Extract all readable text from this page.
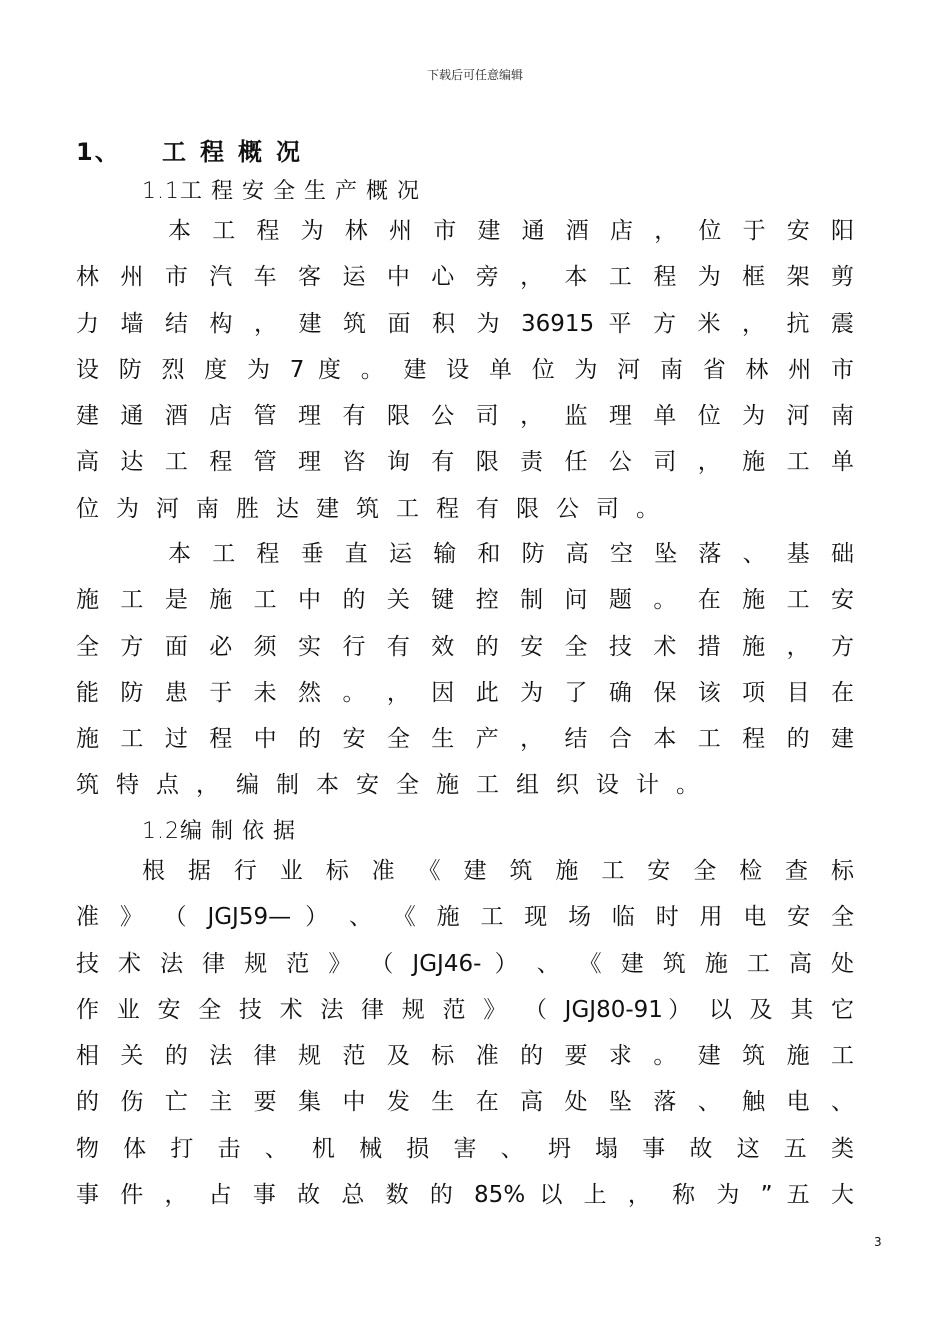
下载后可任意编辑
1、 工程概况
1.1工程安全生产概况
本 工 程 为 林 州 市 建 通 酒 店 ， 位 于 安 阳
林 州 市 汽 车 客 运 中 心 旁 ， 本 工 程 为 框 架 剪
力 墙 结 构 ， 建 筑 面 积 为 36915 平 方 米 ， 抗 震
设 防 烈 度 为 7 度 。 建 设 单 位 为 河 南 省 林 州 市
建 通 酒 店 管 理 有 限 公 司 ， 监 理 单 位 为 河 南
高 达 工 程 管 理 咨 询 有 限 责 任 公 司 ， 施 工 单
位为河南胜达建筑工程有限公司。
本 工 程 垂 直 运 输 和 防 高 空 坠 落 、 基 础
施 工 是 施 工 中 的 关 键 控 制 问 题 。 在 施 工 安
全 方 面 必 须 实 行 有 效 的 安 全 技 术 措 施 ， 方
能 防 患 于 未 然 。 ， 因 此 为 了 确 保 该 项 目 在
施 工 过 程 中 的 安 全 生 产 ， 结 合 本 工 程 的 建
筑特点，编制本安全施工组织设计。
1.2编制依据
根 据 行 业 标 准 《 建 筑 施 工 安 全 检 查 标
准 》 （ JGJ59— ） 、 《 施 工 现 场 临 时 用 电 安 全
技 术 法 律 规 范 》 （ JGJ46- ） 、 《 建 筑 施 工 高 处
作 业 安 全 技 术 法 律 规 范 》 （ JGJ80-91） 以 及 其 它
相 关 的 法 律 规 范 及 标 准 的 要 求 。 建 筑 施 工
的 伤 亡 主 要 集 中 发 生 在 高 处 坠 落 、 触 电 、
物 体 打 击 、 机 械 损 害 、 坍 塌 事 故 这 五 类
事 件 ， 占 事 故 总 数 的 85% 以 上 ， 称 为 ” 五 大
3
